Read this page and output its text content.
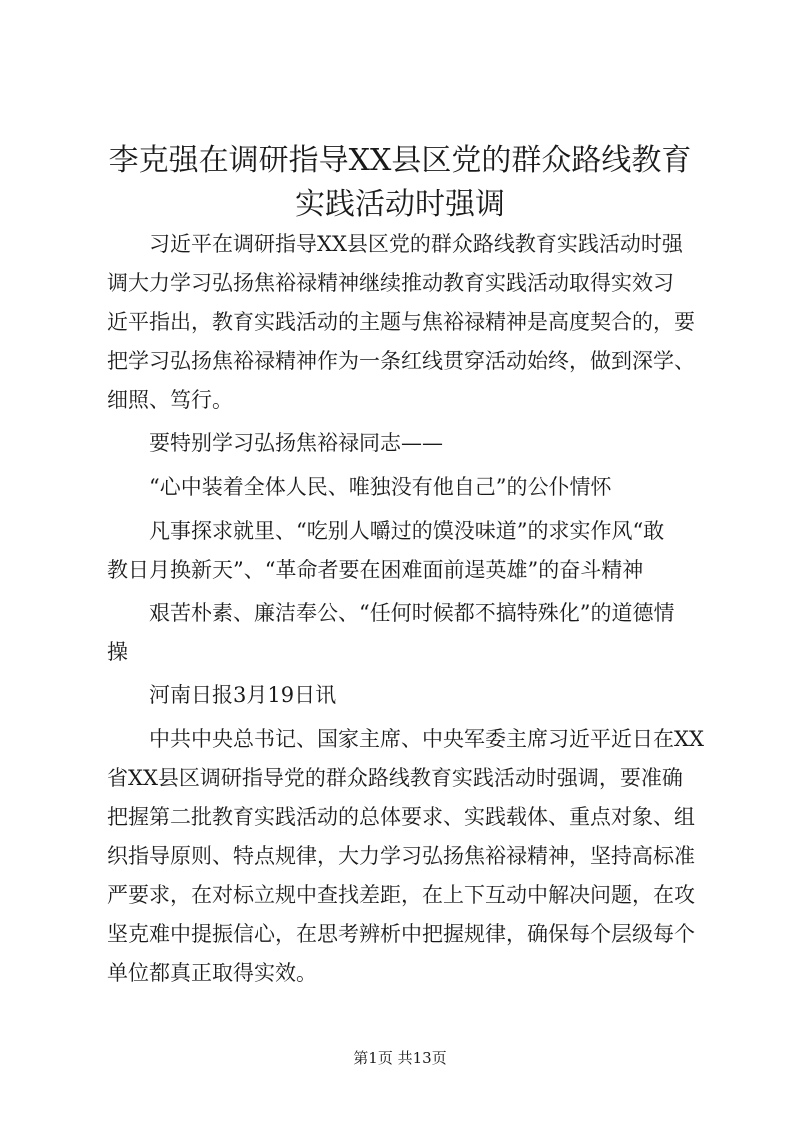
李克强在调研指导XX县区党的群众路线教育
实践活动时强调

习近平在调研指导XX县区党的群众路线教育实践活动时强

调大力学习弘扬焦裕禄精神继续推动教育实践活动取得实效习

近平指出，教育实践活动的主题与焦裕禄精神是高度契合的，要

把学习弘扬焦裕禄精神作为一条红线贯穿活动始终，做到深学、

细照、笃行。

要特别学习弘扬焦裕禄同志——

“心中装着全体人民、唯独没有他自己”的公仆情怀

凡事探求就里、“吃别人嚼过的馍没味道”的求实作风“敢

教日月换新天”、“革命者要在困难面前逞英雄”的奋斗精神

艰苦朴素、廉洁奉公、“任何时候都不搞特殊化”的道德情

操

河南日报3月19日讯

中共中央总书记、国家主席、中央军委主席习近平近日在XX

省XX县区调研指导党的群众路线教育实践活动时强调，要准确

把握第二批教育实践活动的总体要求、实践载体、重点对象、组

织指导原则、特点规律，大力学习弘扬焦裕禄精神，坚持高标准

严要求，在对标立规中查找差距，在上下互动中解决问题，在攻

坚克难中提振信心，在思考辨析中把握规律，确保每个层级每个

单位都真正取得实效。

第1页 共13页
